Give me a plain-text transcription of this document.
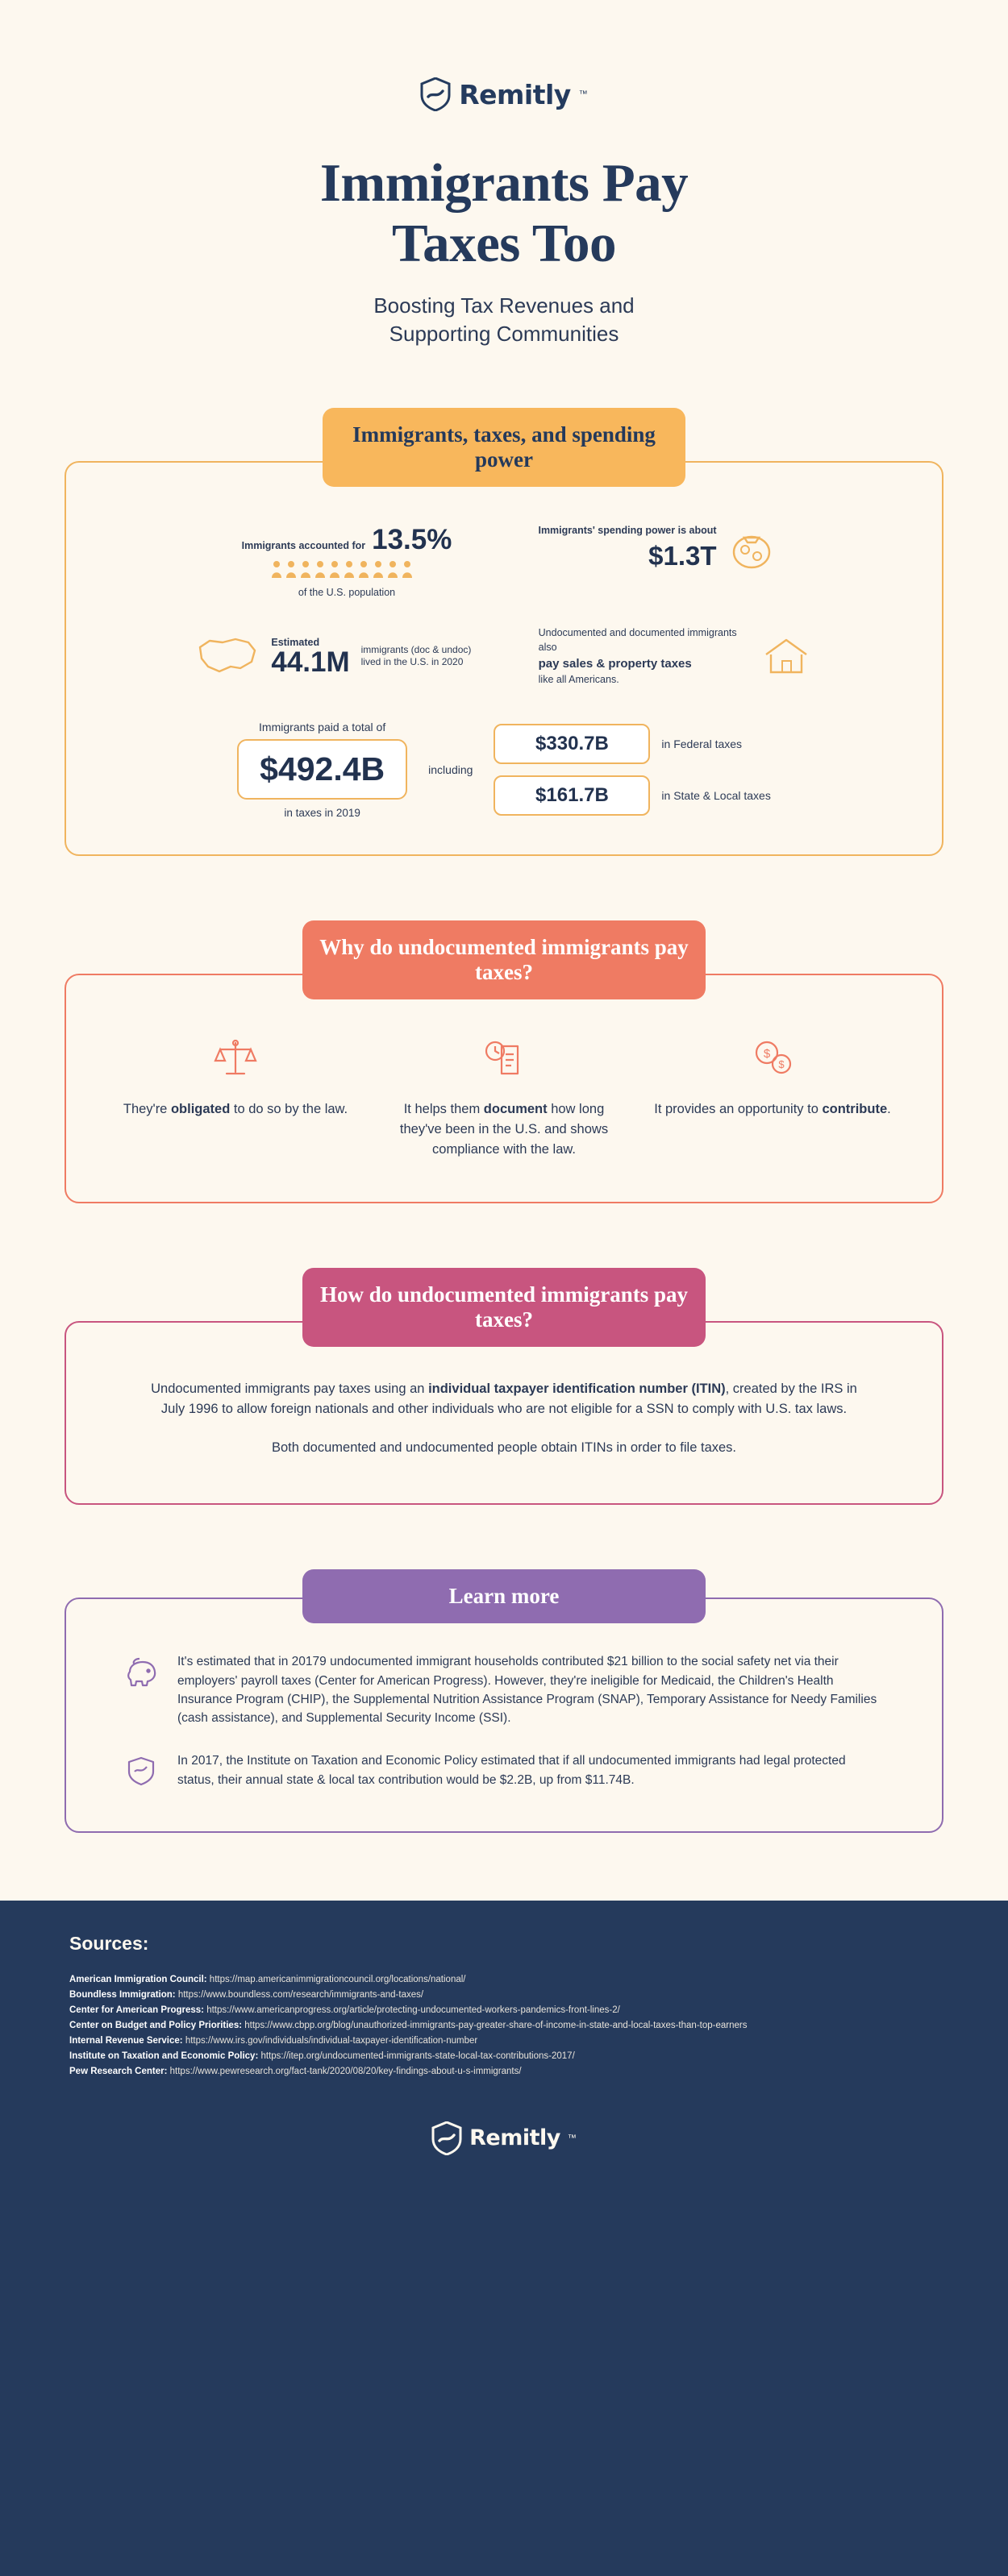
Remitly ™
Immigrants Pay
Taxes Too
Boosting Tax Revenues and
Supporting Communities
Immigrants, taxes, and spending power
Immigrants accounted for 13.5%
of the U.S. population
Immigrants' spending power is about
$1.3T
Estimated
44.1M immigrants (doc & undoc) lived in the U.S. in 2020
Undocumented and documented immigrants also
pay sales & property taxes
like all Americans.
Immigrants paid a total of
$492.4B
in taxes in 2019
including
$330.7B	in Federal taxes
$161.7B	in State & Local taxes
Why do undocumented immigrants pay taxes?

They're obligated to do so by the law.	It helps them document how long they've been in the U.S. and shows compliance with the law.

$
$

It provides an opportunity to contribute.

How do undocumented immigrants pay taxes?

Undocumented immigrants pay taxes using an individual taxpayer identification number (ITIN), created by the IRS in July 1996 to allow foreign nationals and other individuals who are not eligible for a SSN to comply with U.S. tax laws.

Both documented and undocumented people obtain ITINs in order to file taxes.

Learn more

It's estimated that in 20179 undocumented immigrant households contributed $21 billion to the social safety net via their employers' payroll taxes (Center for American Progress). However, they're ineligible for Medicaid, the Children's Health Insurance Program (CHIP), the Supplemental Nutrition Assistance Program (SNAP), Temporary Assistance for Needy Families (cash assistance), and Supplemental Security Income (SSI).

In 2017, the Institute on Taxation and Economic Policy estimated that if all undocumented immigrants had legal protected status, their annual state & local tax contribution would be $2.2B, up from $11.74B.

Sources:
American Immigration Council: https://map.americanimmigrationcouncil.org/locations/national/
Boundless Immigration: https://www.boundless.com/research/immigrants-and-taxes/
Center for American Progress: https://www.americanprogress.org/article/protecting-undocumented-workers-pandemics-front-lines-2/
Center on Budget and Policy Priorities: https://www.cbpp.org/blog/unauthorized-immigrants-pay-greater-share-of-income-in-state-and-local-taxes-than-top-earners
Internal Revenue Service: https://www.irs.gov/individuals/individual-taxpayer-identification-number
Institute on Taxation and Economic Policy: https://itep.org/undocumented-immigrants-state-local-tax-contributions-2017/
Pew Research Center: https://www.pewresearch.org/fact-tank/2020/08/20/key-findings-about-u-s-immigrants/
Remitly ™
